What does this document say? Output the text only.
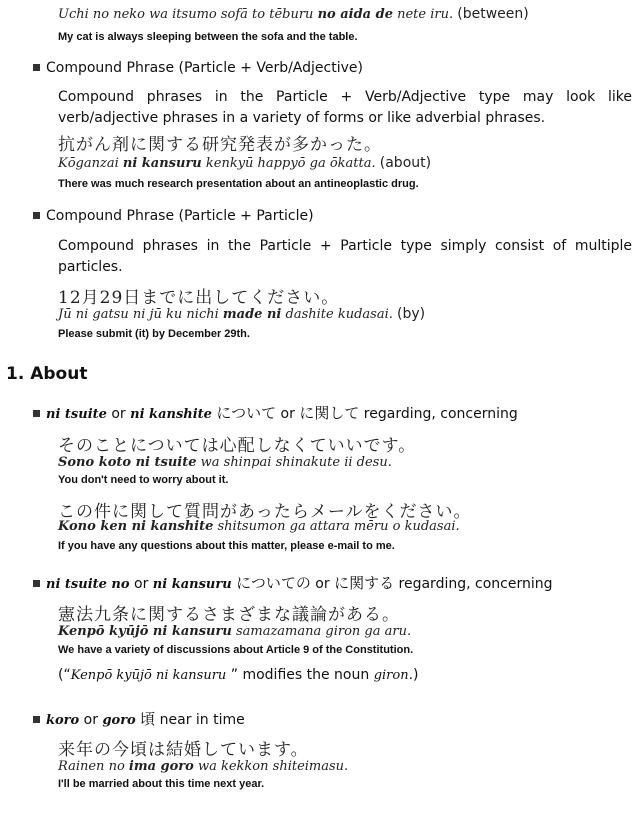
Uchi no neko wa itsumo sofā to tēburu no aida de nete iru. (between)
My cat is always sleeping between the sofa and the table.
Compound Phrase (Particle + Verb/Adjective)
Compound phrases in the Particle + Verb/Adjective type may look like verb/adjective phrases in a variety of forms or like adverbial phrases.
抗がん剤に関する研究発表が多かった。
Kōganzai ni kansuru kenkyū happyō ga ōkatta. (about)
There was much research presentation about an antineoplastic drug.
Compound Phrase (Particle + Particle)
Compound phrases in the Particle + Particle type simply consist of multiple particles.
12月29日までに出してください。
Jū ni gatsu ni jū ku nichi made ni dashite kudasai. (by)
Please submit (it) by December 29th.
1. About
ni tsuite or ni kanshite について or に関して regarding, concerning
そのことについては心配しなくていいです。
Sono koto ni tsuite wa shinpai shinakute ii desu.
You don't need to worry about it.
この件に関して質問があったらメールをください。
Kono ken ni kanshite shitsumon ga attara mēru o kudasai.
If you have any questions about this matter, please e-mail to me.
ni tsuite no or ni kansuru についての or に関する regarding, concerning
憲法九条に関するさまざまな議論がある。
Kenpō kyūjō ni kansuru samazamana giron ga aru.
We have a variety of discussions about Article 9 of the Constitution.
(“Kenpō kyūjō ni kansuru ” modifies the noun giron.)
koro or goro 頃 near in time
来年の今頃は結婚しています。
Rainen no ima goro wa kekkon shiteimasu.
I'll be married about this time next year.
